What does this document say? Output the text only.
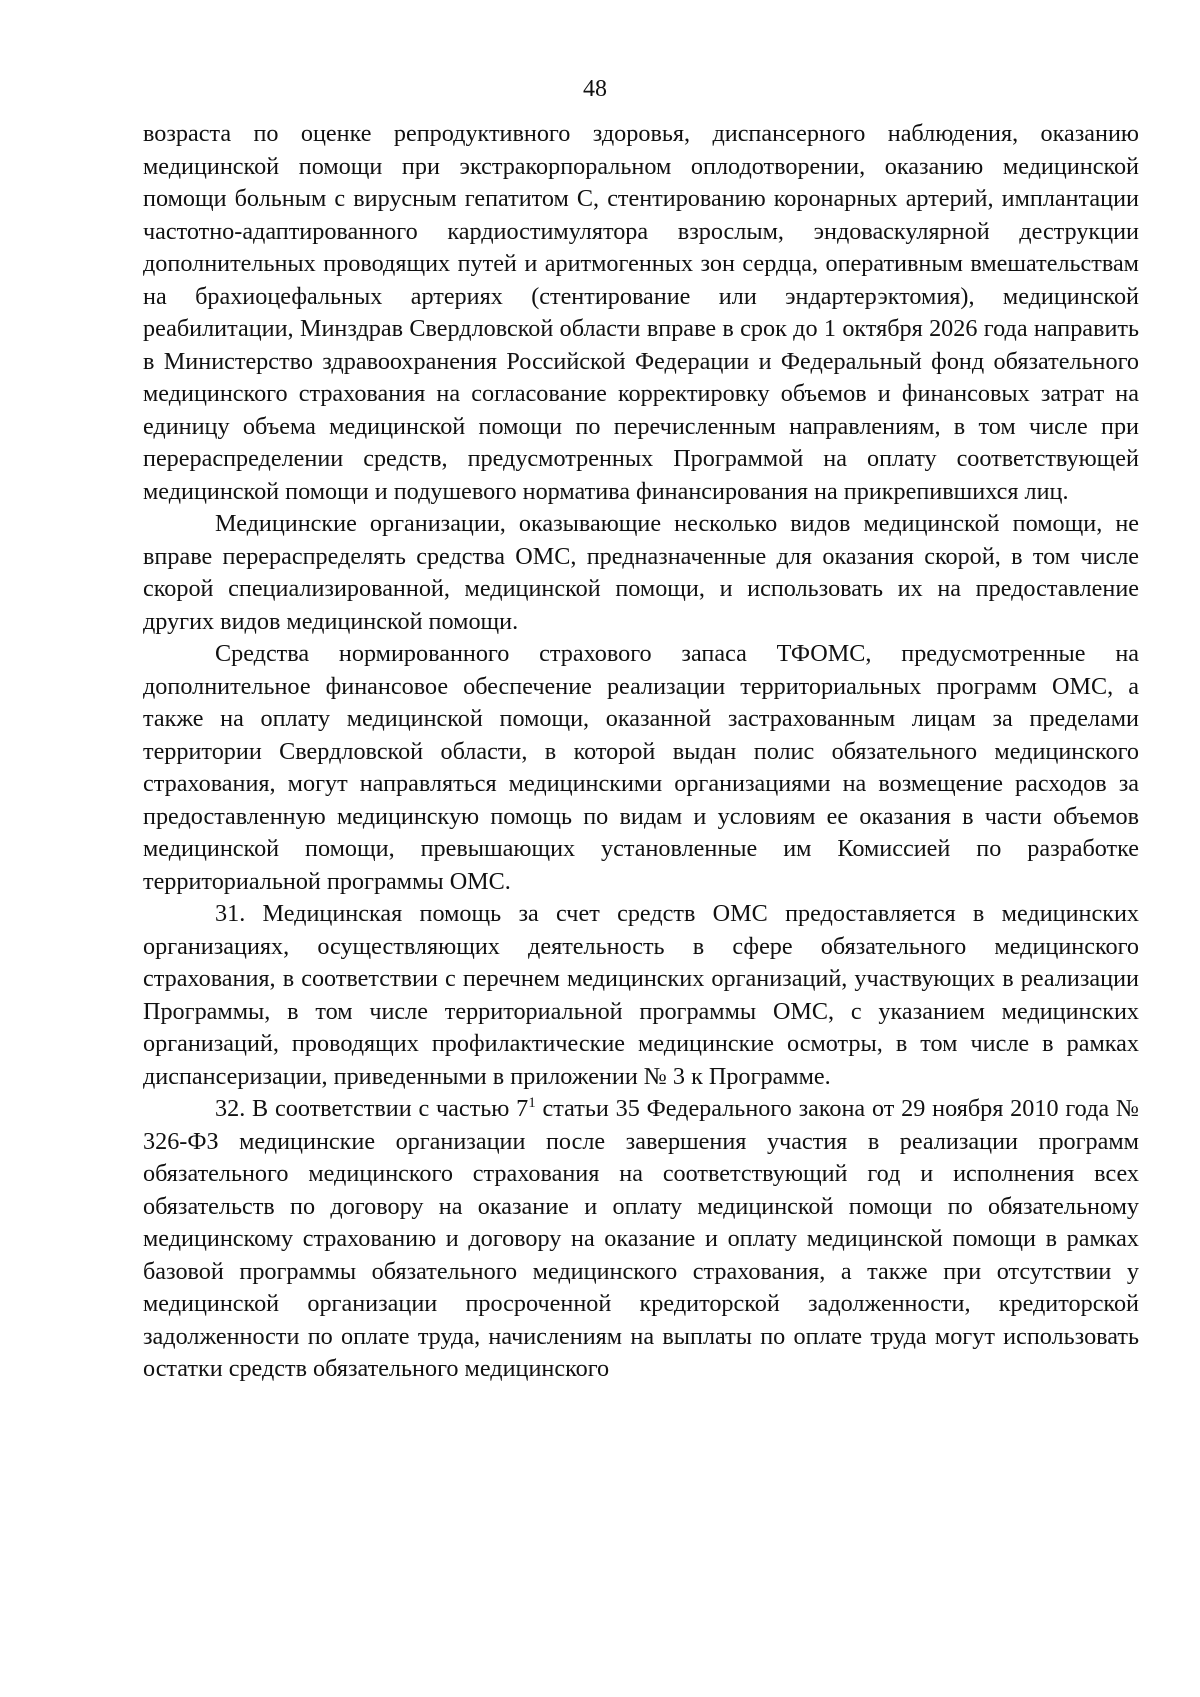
48

возраста по оценке репродуктивного здоровья, диспансерного наблюдения, оказанию медицинской помощи при экстракорпоральном оплодотворении, оказанию медицинской помощи больным с вирусным гепатитом С, стентированию коронарных артерий, имплантации частотно-адаптированного кардиостимулятора взрослым, эндоваскулярной деструкции дополнительных проводящих путей и аритмогенных зон сердца, оперативным вмешательствам на брахиоцефальных артериях (стентирование или эндартерэктомия), медицинской реабилитации, Минздрав Свердловской области вправе в срок до 1 октября 2026 года направить в Министерство здравоохранения Российской Федерации и Федеральный фонд обязательного медицинского страхования на согласование корректировку объемов и финансовых затрат на единицу объема медицинской помощи по перечисленным направлениям, в том числе при перераспределении средств, предусмотренных Программой на оплату соответствующей медицинской помощи и подушевого норматива финансирования на прикрепившихся лиц.

Медицинские организации, оказывающие несколько видов медицинской помощи, не вправе перераспределять средства ОМС, предназначенные для оказания скорой, в том числе скорой специализированной, медицинской помощи, и использовать их на предоставление других видов медицинской помощи.

Средства нормированного страхового запаса ТФОМС, предусмотренные на дополнительное финансовое обеспечение реализации территориальных программ ОМС, а также на оплату медицинской помощи, оказанной застрахованным лицам за пределами территории Свердловской области, в которой выдан полис обязательного медицинского страхования, могут направляться медицинскими организациями на возмещение расходов за предоставленную медицинскую помощь по видам и условиям ее оказания в части объемов медицинской помощи, превышающих установленные им Комиссией по разработке территориальной программы ОМС.

31. Медицинская помощь за счет средств ОМС предоставляется в медицинских организациях, осуществляющих деятельность в сфере обязательного медицинского страхования, в соответствии с перечнем медицинских организаций, участвующих в реализации Программы, в том числе территориальной программы ОМС, с указанием медицинских организаций, проводящих профилактические медицинские осмотры, в том числе в рамках диспансеризации, приведенными в приложении № 3 к Программе.

32. В соответствии с частью $7^1$ статьи 35 Федерального закона от 29 ноября 2010 года № 326-ФЗ медицинские организации после завершения участия в реализации программ обязательного медицинского страхования на соответствующий год и исполнения всех обязательств по договору на оказание и оплату медицинской помощи по обязательному медицинскому страхованию и договору на оказание и оплату медицинской помощи в рамках базовой программы обязательного медицинского страхования, а также при отсутствии у медицинской организации просроченной кредиторской задолженности, кредиторской задолженности по оплате труда, начислениям на выплаты по оплате труда могут использовать остатки средств обязательного медицинского
